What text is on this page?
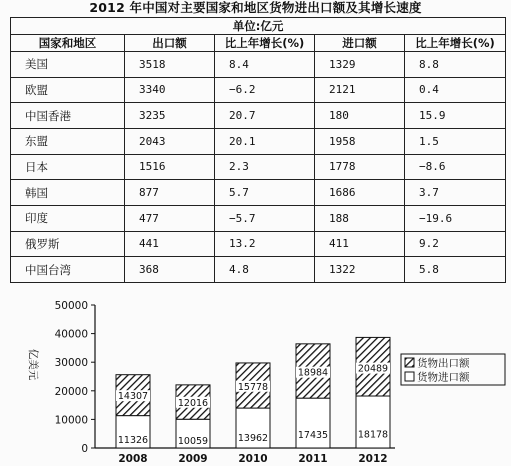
2012 年中国对主要国家和地区货物进出口额及其增长速度
单位:亿元				
国家和地区	出口额	比上年增长(%)	进口额	比上年增长(%)
美国	3518	8.4	1329	8.8
欧盟	3340	−6.2	2121	0.4
中国香港	3235	20.7	180	15.9
东盟	2043	20.1	1958	1.5
日本	1516	2.3	1778	−8.6
韩国	877	5.7	1686	3.7
印度	477	−5.7	188	−19.6
俄罗斯	441	13.2	411	9.2
中国台湾	368	4.8	1322	5.8
0
10000
20000
30000
40000
50000
亿美元
11326
14307
2008
10059
12016
2009
13962
15778
2010
17435
18984
2011
18178
20489
2012
货物出口额
货物进口额
